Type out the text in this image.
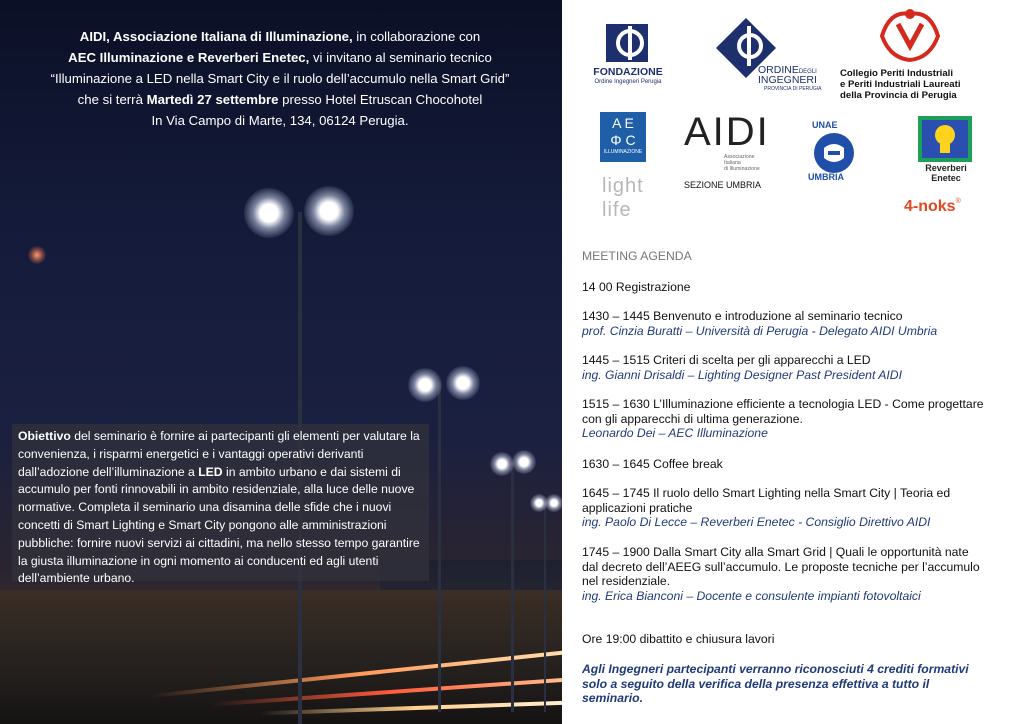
AIDI, Associazione Italiana di Illuminazione, in collaborazione con
AEC Illuminazione e Reverberi Enetec, vi invitano al seminario tecnico
“Illuminazione a LED nella Smart City e il ruolo dell’accumulo nella Smart Grid”
che si terrà Martedì 27 settembre presso Hotel Etruscan Chocohotel
In Via Campo di Marte, 134, 06124 Perugia.
Obiettivo del seminario è fornire ai partecipanti gli elementi per valutare la convenienza, i risparmi energetici e i vantaggi operativi derivanti dall’adozione dell’illuminazione a LED in ambito urbano e dai sistemi di accumulo per fonti rinnovabili in ambito residenziale, alla luce delle nuove normative. Completa il seminario una disamina delle sfide che i nuovi concetti di Smart Lighting e Smart City pongono alle amministrazioni pubbliche: fornire nuovi servizi ai cittadini, ma nello stesso tempo garantire la giusta illuminazione in ogni momento ai conducenti ed agli utenti dell’ambiente urbano.
FONDAZIONE
Ordine Ingegneri Perugia
ORDINEDEGLI
INGEGNERI
PROVINCIA DI PERUGIA
Collegio Periti Industriali
e Periti Industriali Laureati
della Provincia di Perugia
A E
Φ C
ILLUMINAZIONE
light
life
AIDI
Associazione
Italiana
di Illuminazione
SEZIONE UMBRIA
UNAE
UMBRIA
Reverberi
Enetec
4-noks®
MEETING AGENDA
14 00 Registrazione
1430 – 1445 Benvenuto e introduzione al seminario tecnico
prof. Cinzia Buratti – Università di Perugia - Delegato AIDI Umbria
1445 – 1515 Criteri di scelta per gli apparecchi a LED
ing. Gianni Drisaldi – Lighting Designer Past President AIDI
1515 – 1630 L’Illuminazione efficiente a tecnologia LED - Come progettare
con gli apparecchi di ultima generazione.
Leonardo Dei – AEC Illuminazione
1630 – 1645 Coffee break
1645 – 1745 Il ruolo dello Smart Lighting nella Smart City | Teoria ed
applicazioni pratiche
ing. Paolo Di Lecce – Reverberi Enetec - Consiglio Direttivo AIDI
1745 – 1900 Dalla Smart City alla Smart Grid | Quali le opportunità nate
dal decreto dell’AEEG sull’accumulo. Le proposte tecniche per l’accumulo
nel residenziale.
ing. Erica Bianconi – Docente e consulente impianti fotovoltaici
Ore 19:00 dibattito e chiusura lavori
Agli Ingegneri partecipanti verranno riconosciuti 4 crediti formativi
solo a seguito della verifica della presenza effettiva a tutto il
seminario.
